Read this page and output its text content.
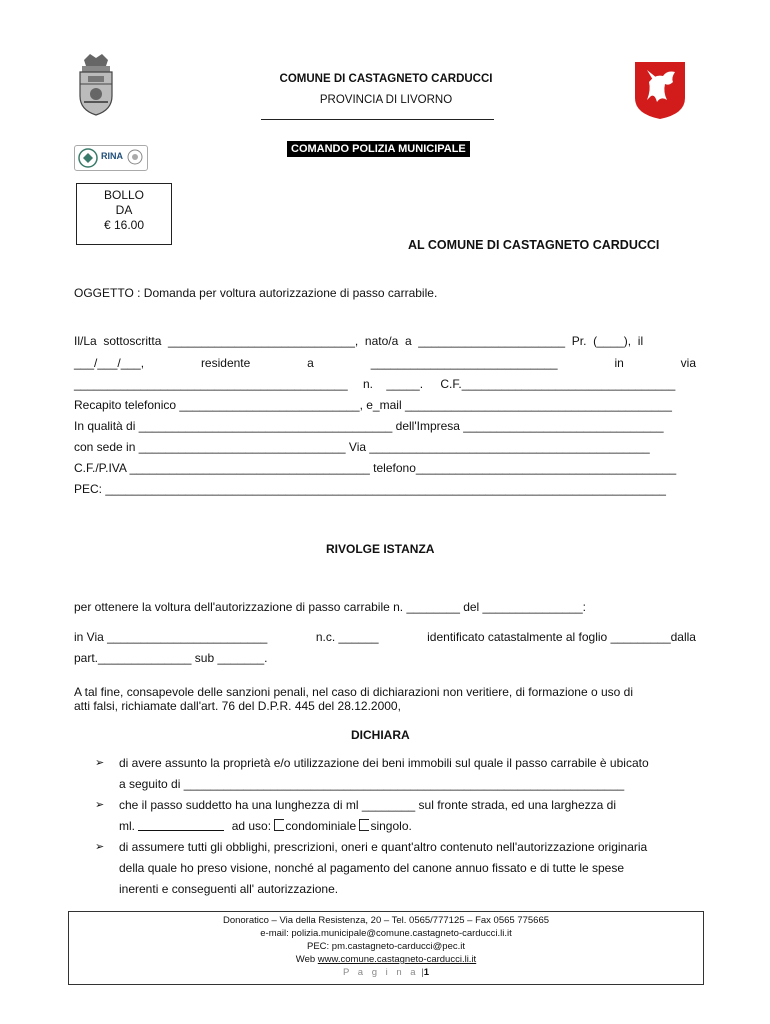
COMUNE DI CASTAGNETO CARDUCCI
PROVINCIA DI LIVORNO
RINA
COMANDO POLIZIA MUNICIPALE
BOLLO
DA
€ 16.00
AL COMUNE DI CASTAGNETO CARDUCCI
OGGETTO : Domanda per voltura autorizzazione di passo carrabile.
Il/La  sottoscritta  ____________________________,  nato/a  a  ______________________  Pr.  (____),  il
___/___/___,	residente	a	____________________________	in	via
_________________________________________ n. _____. C.F.________________________________
Recapito telefonico ___________________________, e_mail ________________________________________
In qualità di ______________________________________ dell'Impresa ______________________________
con sede in _______________________________ Via __________________________________________
C.F./P.IVA ____________________________________ telefono_______________________________________
PEC: ____________________________________________________________________________________
RIVOLGE ISTANZA
per ottenere la voltura dell'autorizzazione di passo carrabile n. ________ del _______________:
in Via ________________________	n.c. ______	identificato catastalmente al foglio _________dalla
part.______________ sub _______.
A tal fine, consapevole delle sanzioni penali, nel caso di dichiarazioni non veritiere, di formazione o uso di
atti falsi, richiamate dall'art. 76 del D.P.R. 445 del 28.12.2000,
DICHIARA
➢ di avere assunto la proprietà e/o utilizzazione dei beni immobili sul quale il passo carrabile è ubicato
a seguito di __________________________________________________________________
➢ che il passo suddetto ha una lunghezza di ml ________ sul fronte strada, ed una larghezza di
ml.	ad uso: condominiale singolo.
➢ di assumere tutti gli obblighi, prescrizioni, oneri e quant'altro contenuto nell'autorizzazione originaria
della quale ho preso visione, nonché al pagamento del canone annuo fissato e di tutte le spese
inerenti e conseguenti all' autorizzazione.
Donoratico – Via della Resistenza, 20 – Tel. 0565/777125 – Fax 0565 775665
e-mail: polizia.municipale@comune.castagneto-carducci.li.it
PEC: pm.castagneto-carducci@pec.it
Web www.comune.castagneto-carducci.li.it
P a g i n a |1
